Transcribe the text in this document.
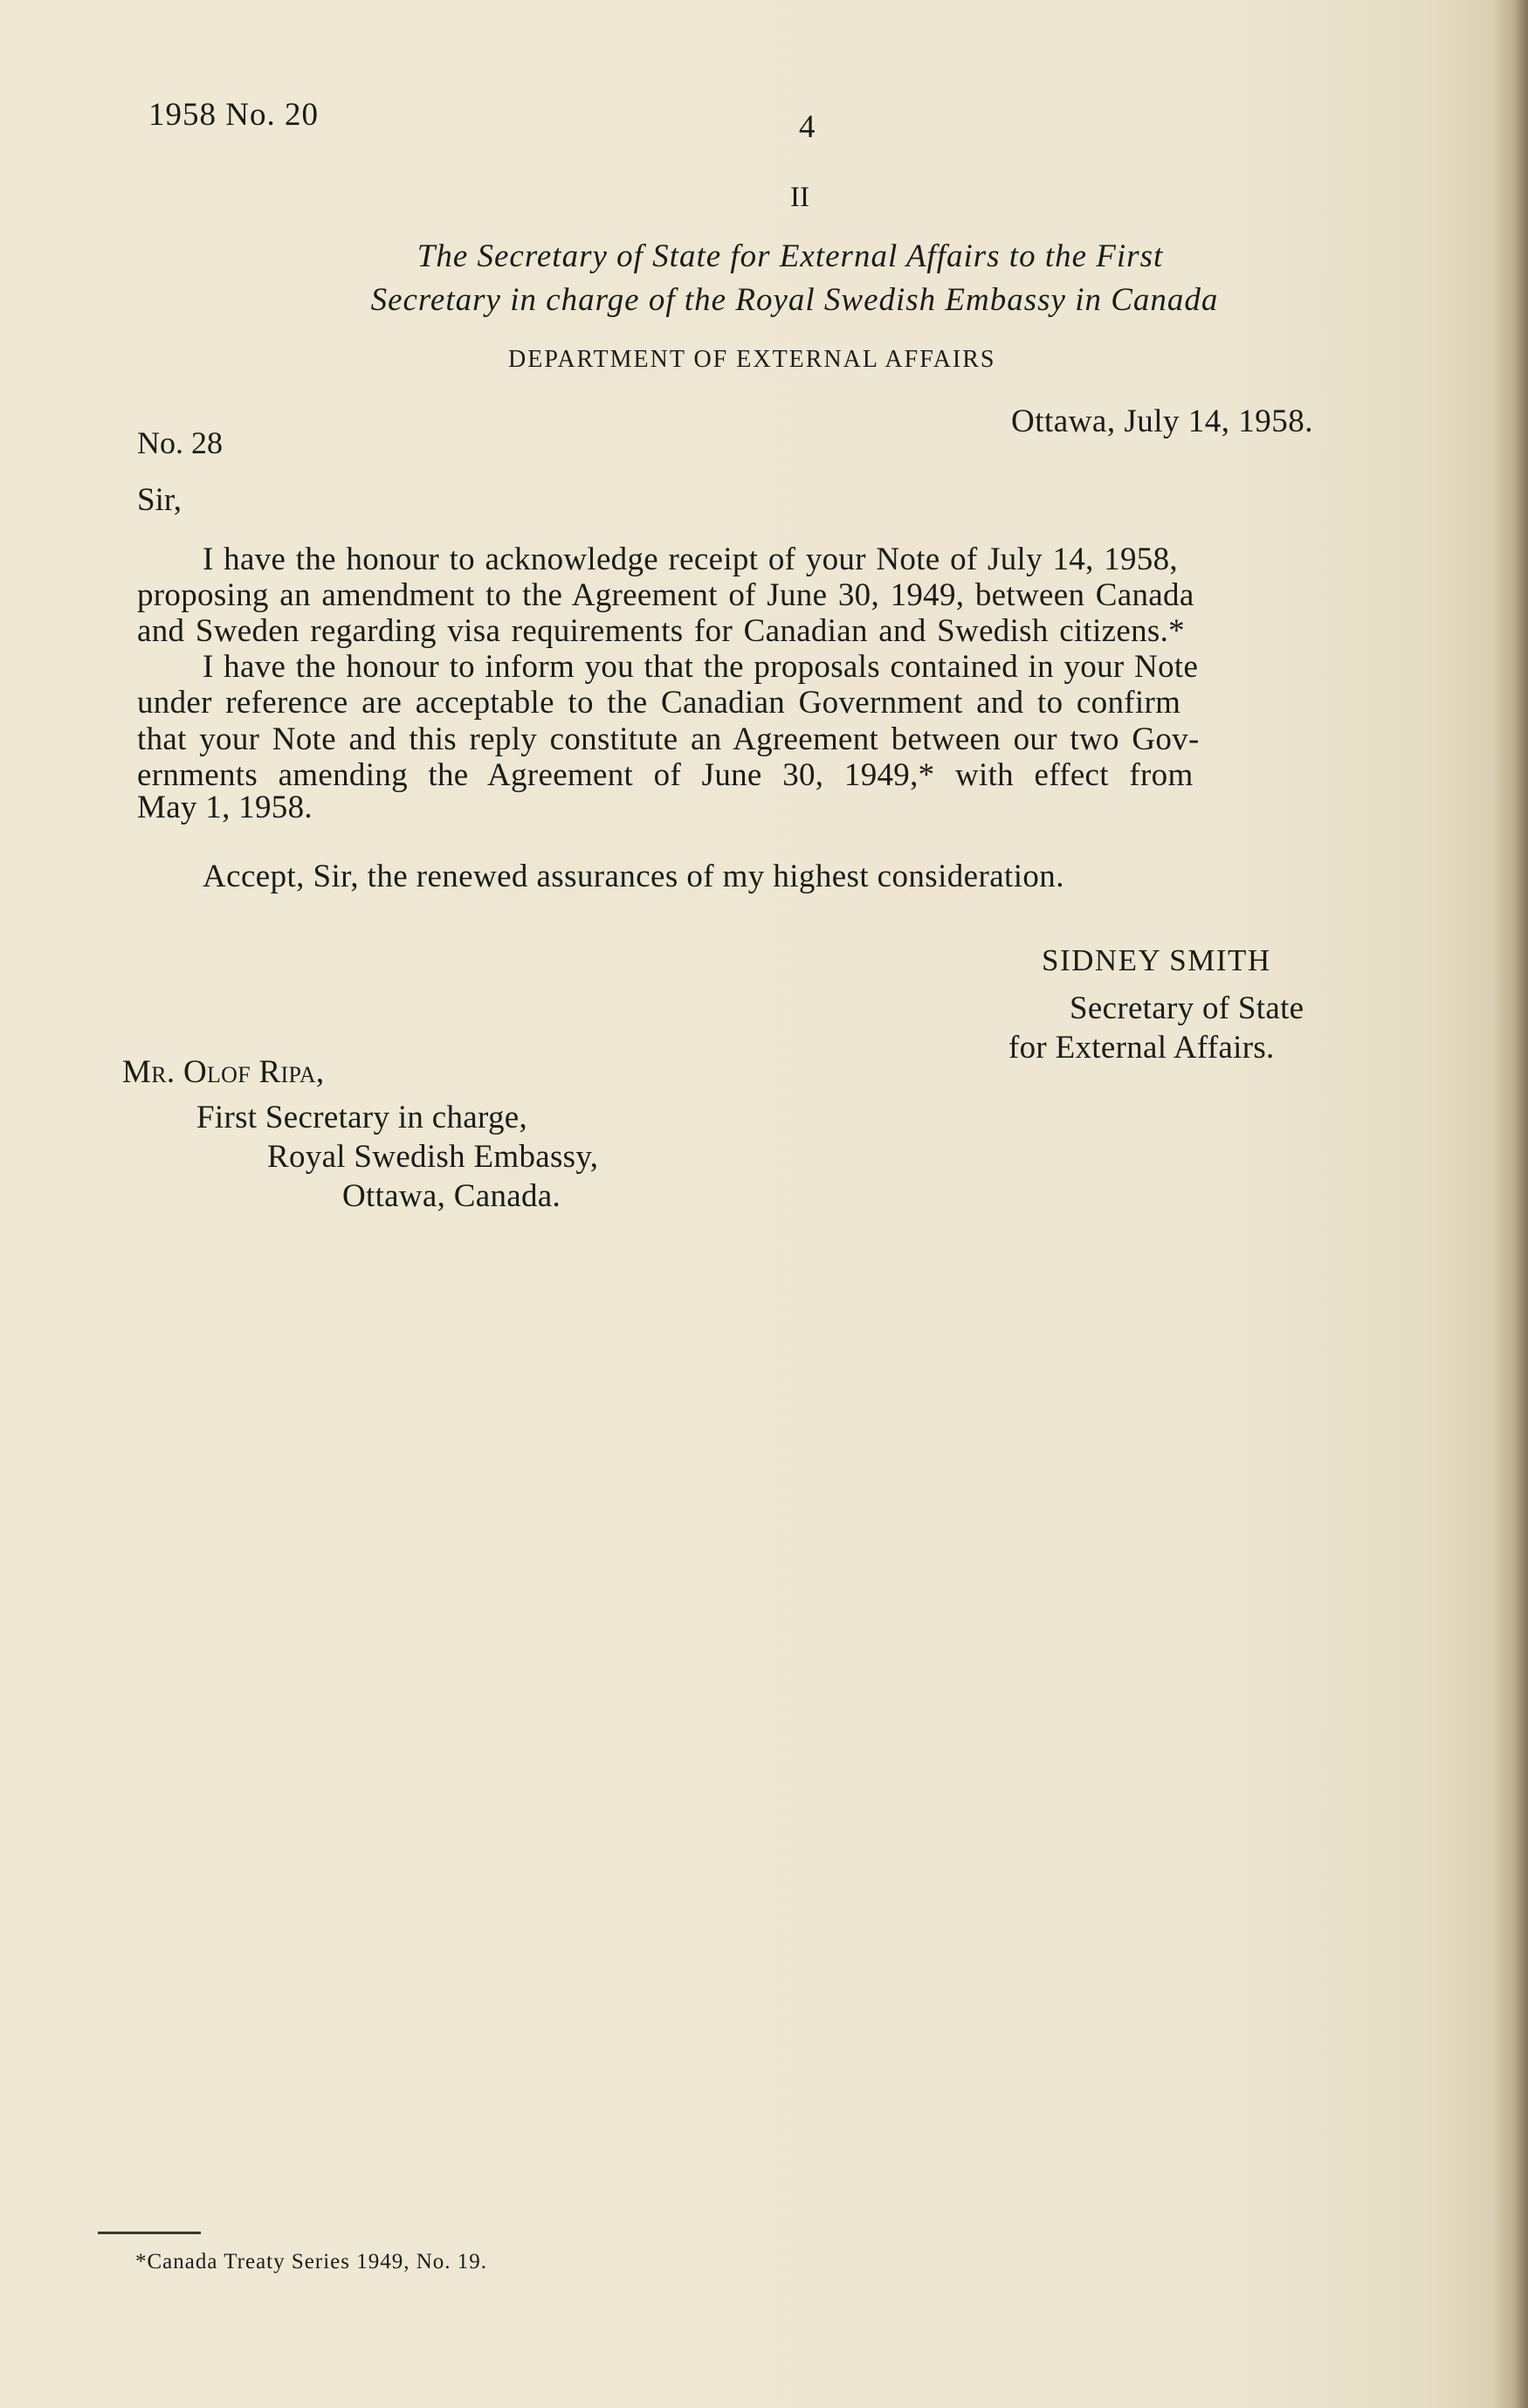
1958 No. 20	4
II
The Secretary of State for External Affairs to the First
Secretary in charge of the Royal Swedish Embassy in Canada
DEPARTMENT OF EXTERNAL AFFAIRS
No. 28
Ottawa, July 14, 1958.
Sir,
I have the honour to acknowledge receipt of your Note of July 14, 1958,
proposing an amendment to the Agreement of June 30, 1949, between Canada
and Sweden regarding visa requirements for Canadian and Swedish citizens.*
I have the honour to inform you that the proposals contained in your Note
under reference are acceptable to the Canadian Government and to confirm
that your Note and this reply constitute an Agreement between our two Gov-
ernments amending the Agreement of June 30, 1949,* with effect from
May 1, 1958.
Accept, Sir, the renewed assurances of my highest consideration.
SIDNEY SMITH
Secretary of State
for External Affairs.
Mr. Olof Ripa,
First Secretary in charge,
Royal Swedish Embassy,
Ottawa, Canada.
*Canada Treaty Series 1949, No. 19.
